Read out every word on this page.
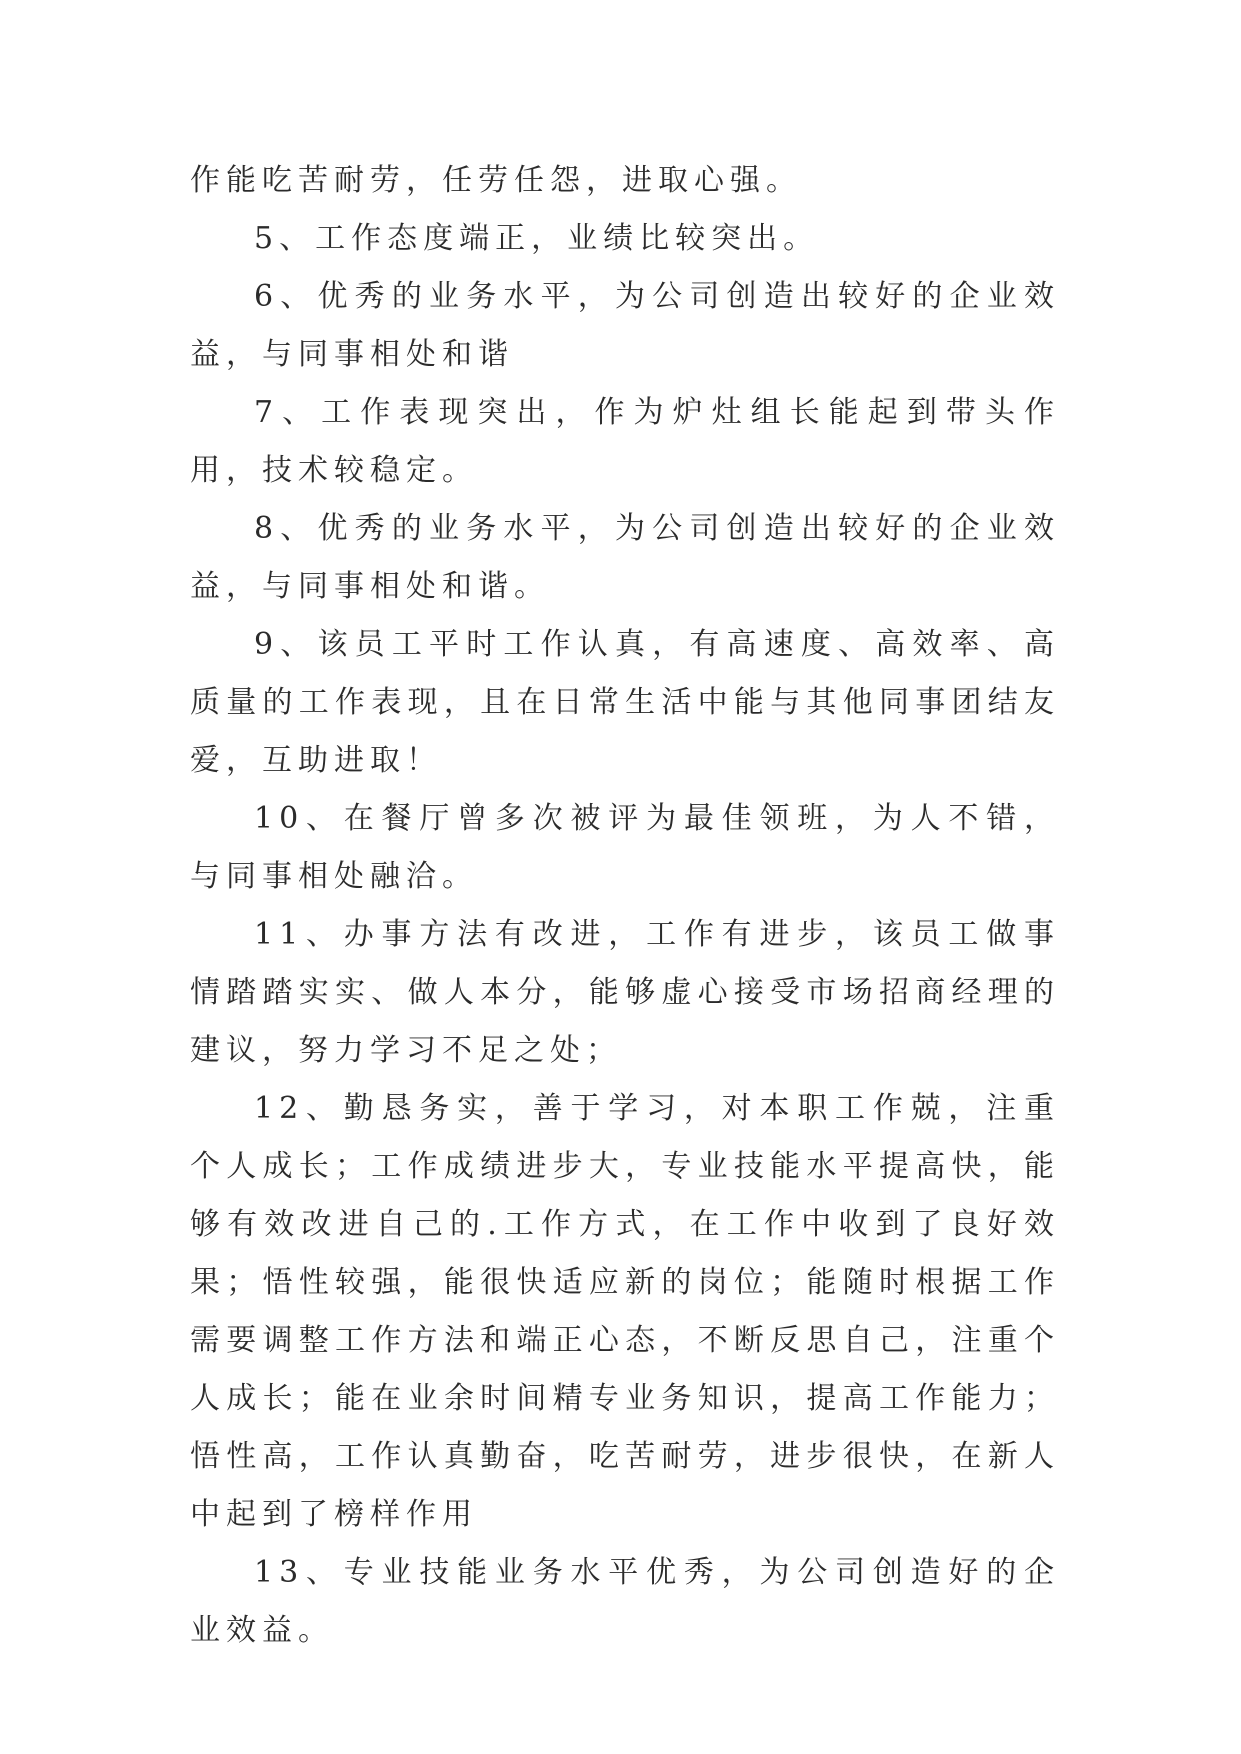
作能吃苦耐劳，任劳任怨，进取心强。

5、工作态度端正，业绩比较突出。

6、优秀的业务水平，为公司创造出较好的企业效益，与同事相处和谐

7、工作表现突出，作为炉灶组长能起到带头作用，技术较稳定。

8、优秀的业务水平，为公司创造出较好的企业效益，与同事相处和谐。

9、该员工平时工作认真，有高速度、高效率、高质量的工作表现，且在日常生活中能与其他同事团结友爱，互助进取！

10、在餐厅曾多次被评为最佳领班，为人不错，与同事相处融洽。

11、办事方法有改进，工作有进步，该员工做事情踏踏实实、做人本分，能够虚心接受市场招商经理的建议，努力学习不足之处；

12、勤恳务实，善于学习，对本职工作兢，注重个人成长；工作成绩进步大，专业技能水平提高快，能够有效改进自己的.工作方式，在工作中收到了良好效果；悟性较强，能很快适应新的岗位；能随时根据工作需要调整工作方法和端正心态，不断反思自己，注重个人成长；能在业余时间精专业务知识，提高工作能力；悟性高，工作认真勤奋，吃苦耐劳，进步很快，在新人中起到了榜样作用

13、专业技能业务水平优秀，为公司创造好的企业效益。
